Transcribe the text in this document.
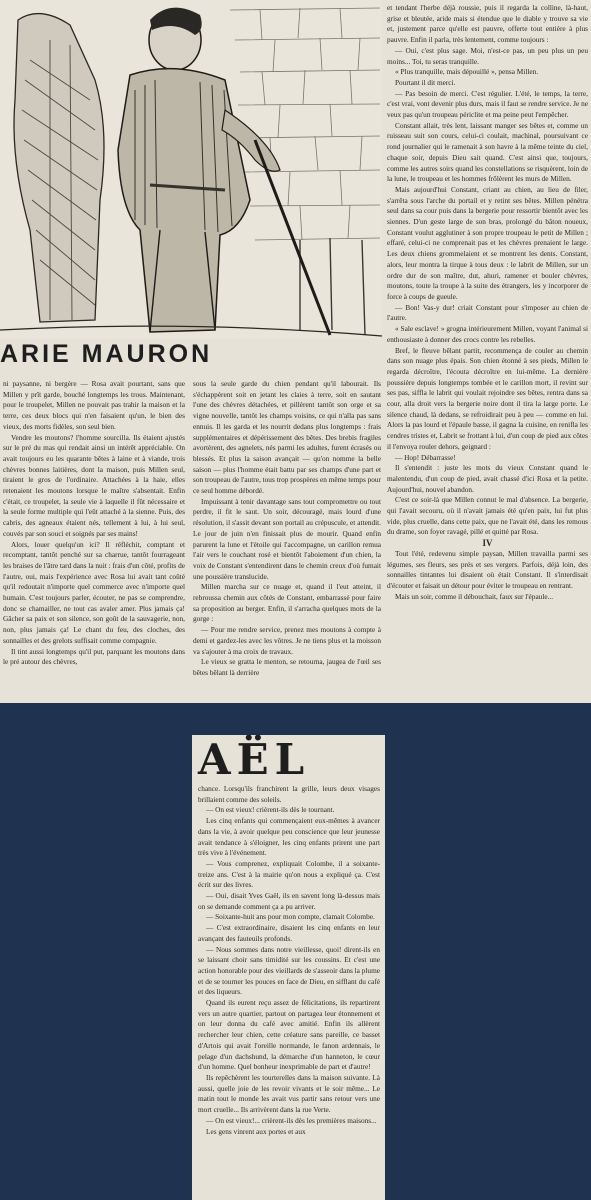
ARIE MAURON

ni paysanne, ni bergère — Rosa avait pourtant, sans que Millen y prît garde, bouché longtemps les trous. Maintenant, pour le troupelet, Millen ne pouvait pas trahir la maison et la terre, ces deux blocs qui n'en faisaient qu'un, le bien des vieux, des morts fidèles, son seul bien.

Vendre les moutons? l'homme sourcilla. Ils étaient ajustés sur le pré du mas qui rendait ainsi un intérêt appréciable. On avait toujours eu les quarante bêtes à laine et à viande, trois chèvres bonnes laitières, dont la maison, puis Millen seul, tiraient le gros de l'ordinaire. Attachées à la haie, elles retenaient les moutons lorsque le maître s'absentait. Enfin c'était, ce troupelet, la seule vie à laquelle il fût nécessaire et la seule forme multiple qui l'eût attaché à la sienne. Puis, des cabris, des agneaux étaient nés, tellement à lui, à lui seul, couvés par son souci et soignés par ses mains!

Alors, louer quelqu'un ici? Il réfléchit, comptant et recomptant, tantôt penché sur sa charrue, tantôt fourrageant les braises de l'âtre tard dans la nuit : frais d'un côté, profits de l'autre, oui, mais l'expérience avec Rosa lui avait tant coûté qu'il redoutait n'importe quel commerce avec n'importe quel humain. C'est toujours parler, écouter, ne pas se comprendre, donc se chamailler, ne tout cas avaler amer. Plus jamais ça! Gâcher sa paix et son silence, son goût de la sauvagerie, non, non, plus jamais ça! Le chant du feu, des cloches, des sonnailles et des grelots suffisait comme compagnie.

Il tint aussi longtemps qu'il put, parquant les moutons dans le pré autour des chèvres,

sous la seule garde du chien pendant qu'il labourait. Ils s'échappèrent soit en jetant les claies à terre, soit en sautant l'une des chèvres détachées, et pillèrent tantôt son orge et sa vigne nouvelle, tantôt les champs voisins, ce qui n'alla pas sans ennuis. Il les garda et les nourrit dedans plus longtemps : frais supplémentaires et dépérissement des bêtes. Des brebis fragiles avortèrent, des agnelets, nés parmi les adultes, furent écrasés ou blessés. Et plus la saison avançait — qu'on nomme la belle saison — plus l'homme était battu par ses champs d'une part et son troupeau de l'autre, tous trop prospères en même temps pour ce seul homme débordé.

Impuissant à tenir davantage sans tout compromettre ou tout perdre, il fit le saut. Un soir, découragé, mais lourd d'une résolution, il s'assit devant son portail au crépuscule, et attendit. Le jour de juin n'en finissait plus de mourir. Quand enfin parurent la lune et l'étoile qui l'accompagne, un carillon remua l'air vers le couchant rosé et bientôt l'aboiement d'un chien, la voix de Constant s'entendirent dans le chemin creux d'où fumait une poussière translucide.

Millen marcha sur ce nuage et, quand il l'eut atteint, il rebroussa chemin aux côtés de Constant, embarrassé pour faire sa proposition au berger. Enfin, il s'arracha quelques mots de la gorge :

— Pour me rendre service, prenez mes moutons à compte à demi et gardez-les avec les vôtres. Je ne tiens plus et la moisson va s'ajouter à ma croix de travaux.

Le vieux se gratta le menton, se retourna, jaugea de l'œil ses bêtes bêlant là derrière

et tendant l'herbe déjà roussie, puis il regarda la colline, là-haut, grise et bleutée, aride mais si étendue que le diable y trouve sa vie et, justement parce qu'elle est pauvre, offerte tout entière à plus pauvre. Enfin il parla, très lentement, comme toujours :

— Oui, c'est plus sage. Moi, n'est-ce pas, un peu plus un peu moins... Toi, tu seras tranquille.

« Plus tranquille, mais dépouillé », pensa Millen.

Pourtant il dit merci.

— Pas besoin de merci. C'est régulier. L'été, le temps, la terre, c'est vrai, vont devenir plus durs, mais il faut se rendre service. Je ne veux pas qu'un troupeau périclite et ma peine peut l'empêcher.

Constant allait, très lent, laissant manger ses bêtes et, comme un ruisseau suit son cours, celui-ci coulait, machinal, poursuivant ce rond journalier qui le ramenait à son havre à la même teinte du ciel, chaque soir, depuis Dieu sait quand. C'est ainsi que, toujours, comme les autres soirs quand les constellations se risquèrent, loin de la lune, le troupeau et les hommes frôlèrent les murs de Millen.

Mais aujourd'hui Constant, criant au chien, au lieu de filer, s'arrêta sous l'arche du portail et y retint ses bêtes. Millen pénétra seul dans sa cour puis dans la bergerie pour ressortir bientôt avec les siennes. D'un geste large de son bras, prolongé du bâton noueux, Constant voulut agglutiner à son propre troupeau le petit de Millen ; effaré, celui-ci ne comprenait pas et les chèvres prenaient le large. Les deux chiens grommelaient et se montrent les dents. Constant, alors, leur montra la tirque à tous deux : le labrit de Millen, sur un ordre dur de son maître, dut, ahuri, ramener et bouler chèvres, moutons, toute la troupe à la suite des étrangers, les y incorporer de force à coups de gueule.

— Bon! Vas-y dur! criait Constant pour s'imposer au chien de l'autre.

« Sale esclave! » grogna intérieurement Millen, voyant l'animal si enthousiaste à donner des crocs contre les rebelles.

Bref, le fleuve bêlant partit, recommença de couler au chemin dans son nuage plus épais. Son chien étonné à ses pieds, Millen le regarda décroître, l'écouta décroître en lui-même. La dernière poussière depuis longtemps tombée et le carillon mort, il revint sur ses pas, siffla le labrit qui voulait rejoindre ses bêtes, rentra dans sa cour, alla droit vers la bergerie noire dont il tira la large porte. Le silence chaud, là dedans, se refroidirait peu à peu — comme en lui. Alors la pas lourd et l'épaule basse, il gagna la cuisine, en renifla les cendres tristes et, Labrit se frottant à lui, d'un coup de pied aux côtes il l'envoya rouler dehors, geignard :

— Hop! Débarrasse!

Il s'entendit : juste les mots du vieux Constant quand le malentendu, d'un coup de pied, avait chassé d'ici Rosa et la petite. Aujourd'hui, nouvel abandon.

C'est ce soir-là que Millen connut le mal d'absence. La bergerie, qui l'avait secouru, où il n'avait jamais été qu'en paix, lui fut plus vide, plus cruelle, dans cette paix, que ne l'avait été, dans les remous du drame, son foyer ravagé, pillé et quitté par Rosa.

IV

Tout l'été, redevenu simple paysan, Millen travailla parmi ses légumes, ses fleurs, ses prés et ses vergers. Parfois, déjà loin, des sonnailles tintantes lui disaient où était Constant. Il s'interdisait d'écouter et faisait un détour pour éviter le troupeau en rentrant.

Mais un soir, comme il débouchait, faux sur l'épaule...

AËL

chance. Lorsqu'ils franchirent la grille, leurs deux visages brillaient comme des soleils.

— On est vieux! crièrent-ils dès le tournant.

Les cinq enfants qui commençaient eux-mêmes à avancer dans la vie, à avoir quelque peu conscience que leur jeunesse avait tendance à s'éloigner, les cinq enfants prirent une part très vive à l'événement.

— Vous comprenez, expliquait Colombe, il a soixante-treize ans. C'est à la mairie qu'on nous a expliqué ça. C'est écrit sur des livres.

— Oui, disait Yves Gaël, ils en savent long là-dessus mais on se demande comment ça a pu arriver.

— Soixante-huit ans pour mon compte, clamait Colombe.

— C'est extraordinaire, disaient les cinq enfants en leur avançant des fauteuils profonds.

— Nous sommes dans notre vieillesse, quoi! dirent-ils en se laissant choir sans timidité sur les coussins. Et c'est une action honorable pour des vieillards de s'asseoir dans la plume et de se tourner les pouces en face de Dieu, en sifflant du café et des liqueurs.

Quand ils eurent reçu assez de félicitations, ils repartirent vers un autre quartier, partout on partagea leur étonnement et on leur donna du café avec amitié. Enfin ils allèrent rechercher leur chien, cette créature sans pareille, ce basset d'Artois qui avait l'oreille normande, le fanon ardennais, le pelage d'un dachshund, la démarche d'un hanneton, le cœur d'un homme. Quel bonheur inexprimable de part et d'autre!

Ils repêchèrent les tourterelles dans la maison suivante. Là aussi, quelle joie de les revoir vivants et le soir même... Le matin tout le monde les avait vus partir sans retour vers une mort cruelle... Ils arrivèrent dans la rue Verte.

— On est vieux!... crièrent-ils dès les premières maisons...

Les gens vinrent aux portes et aux
